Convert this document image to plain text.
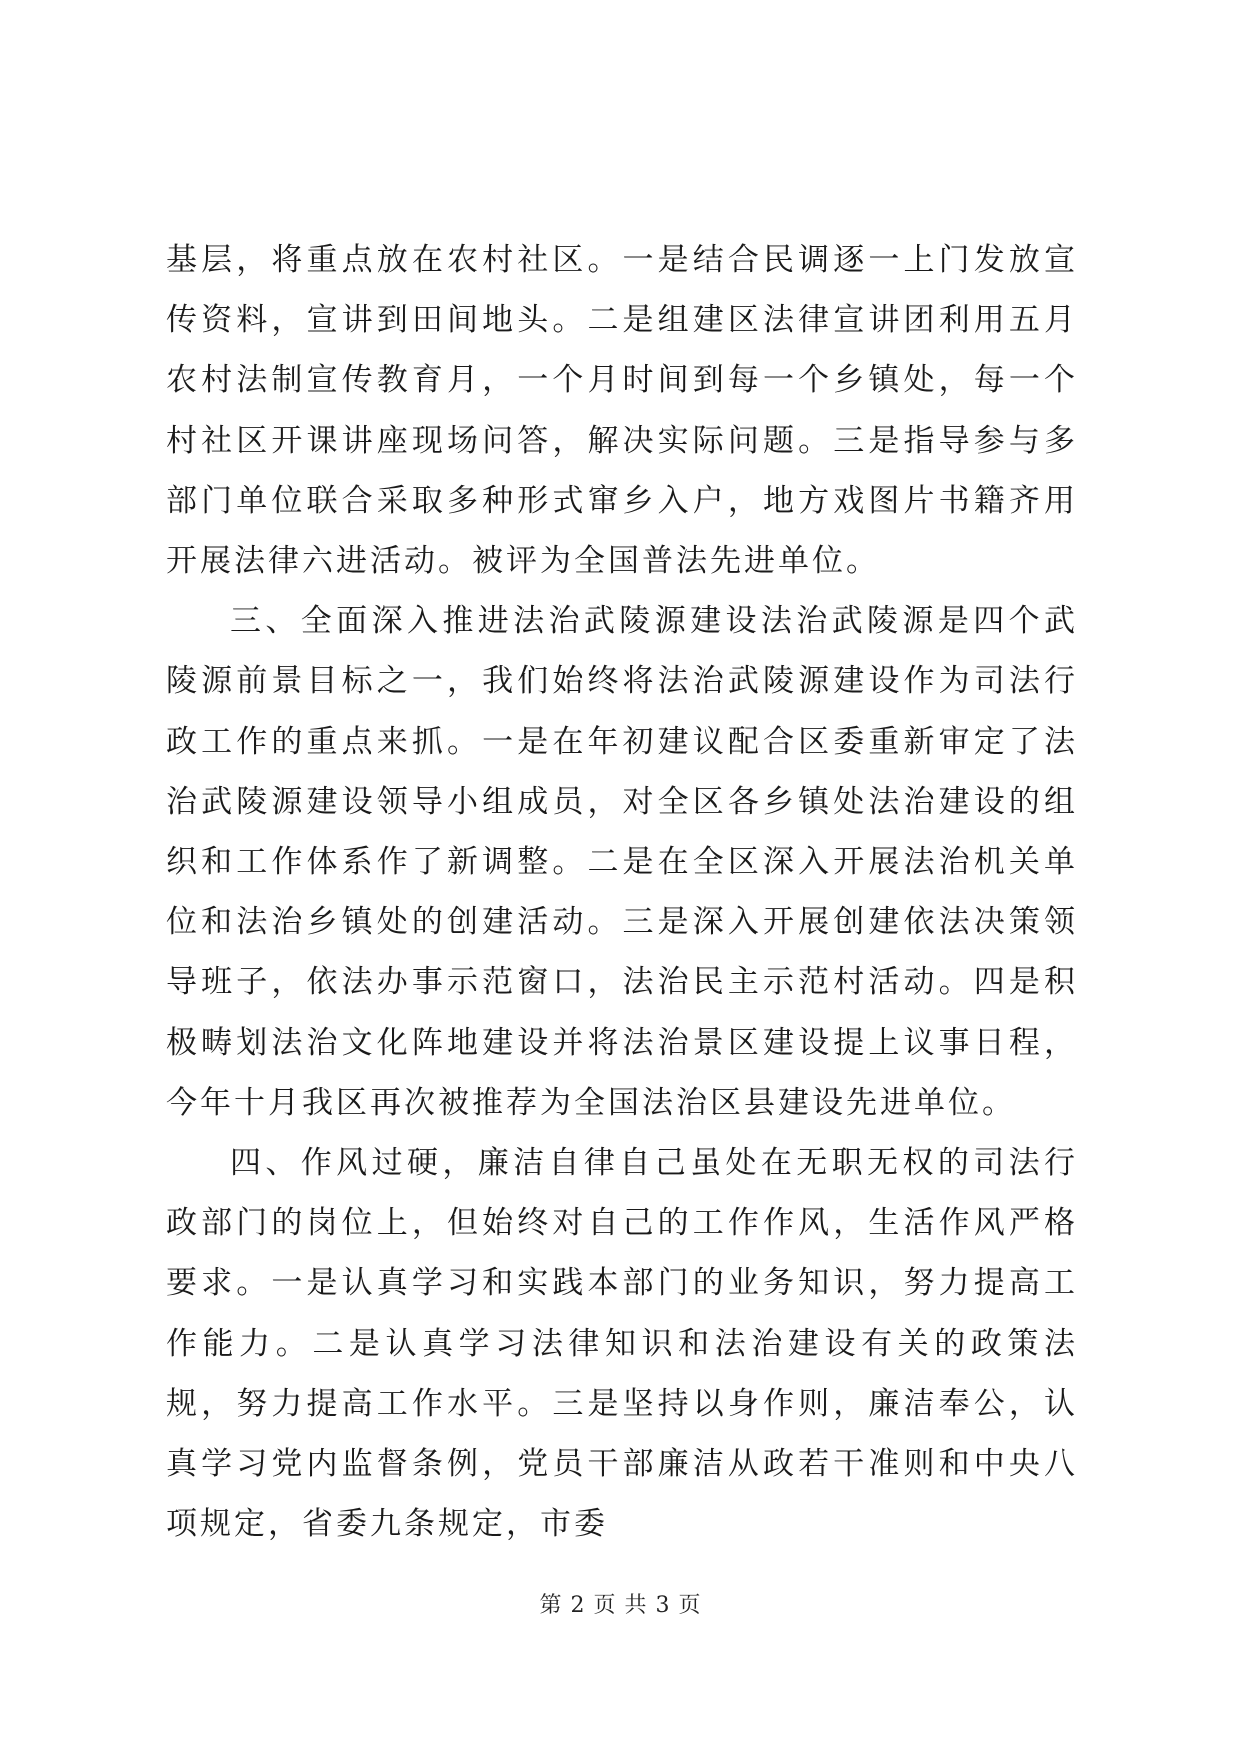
基层，将重点放在农村社区。一是结合民调逐一上门发放宣传资料，宣讲到田间地头。二是组建区法律宣讲团利用五月农村法制宣传教育月，一个月时间到每一个乡镇处，每一个村社区开课讲座现场问答，解决实际问题。三是指导参与多部门单位联合采取多种形式窜乡入户，地方戏图片书籍齐用开展法律六进活动。被评为全国普法先进单位。

三、全面深入推进法治武陵源建设法治武陵源是四个武陵源前景目标之一，我们始终将法治武陵源建设作为司法行政工作的重点来抓。一是在年初建议配合区委重新审定了法治武陵源建设领导小组成员，对全区各乡镇处法治建设的组织和工作体系作了新调整。二是在全区深入开展法治机关单位和法治乡镇处的创建活动。三是深入开展创建依法决策领导班子，依法办事示范窗口，法治民主示范村活动。四是积极畴划法治文化阵地建设并将法治景区建设提上议事日程，今年十月我区再次被推荐为全国法治区县建设先进单位。

四、作风过硬，廉洁自律自己虽处在无职无权的司法行政部门的岗位上，但始终对自己的工作作风，生活作风严格要求。一是认真学习和实践本部门的业务知识，努力提高工作能力。二是认真学习法律知识和法治建设有关的政策法规，努力提高工作水平。三是坚持以身作则，廉洁奉公，认真学习党内监督条例，党员干部廉洁从政若干准则和中央八项规定，省委九条规定，市委

第 2 页 共 3 页
